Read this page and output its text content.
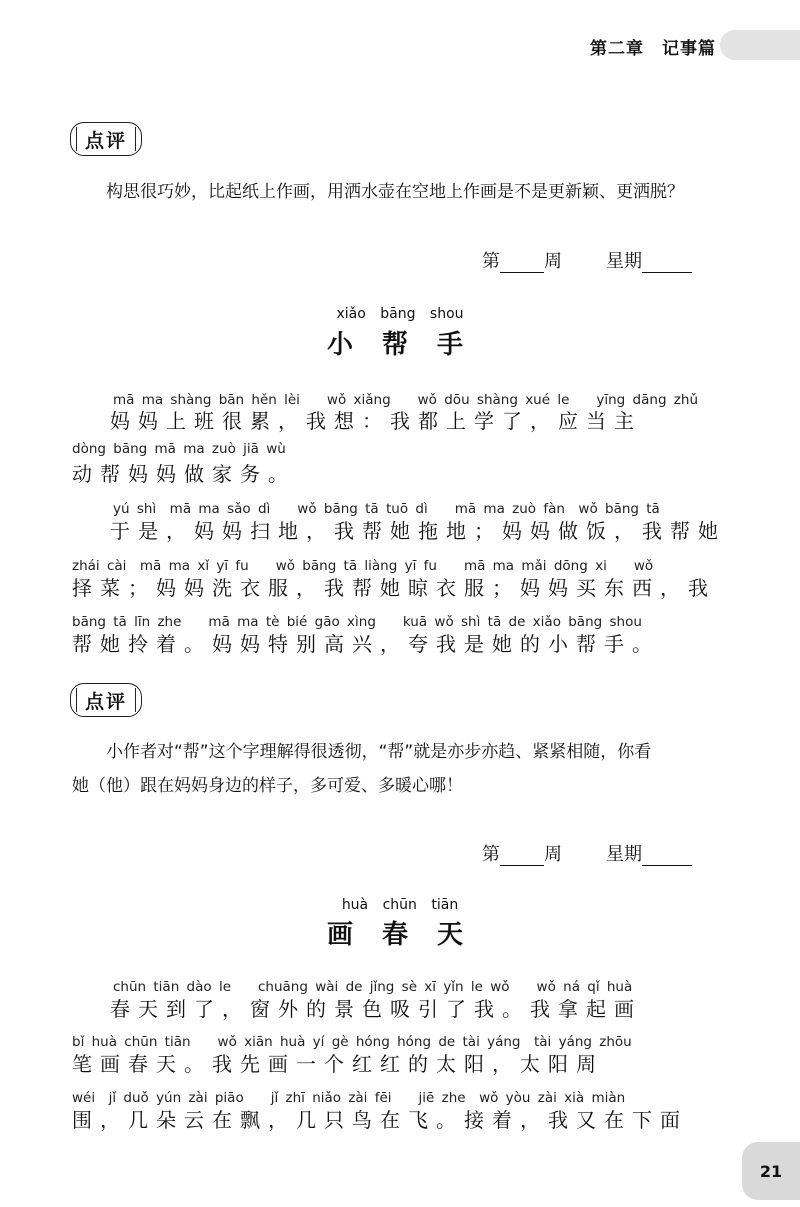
第二章　记事篇
点评
构思很巧妙，比起纸上作画，用洒水壶在空地上作画是不是更新颖、更洒脱？
第 周 星期
xiǎo bāng shou
小 帮 手
mā ma shàng bān hěn lèi　　wǒ xiǎng　　wǒ dōu shàng xué le　　yīng dāng zhǔ
妈妈上班很累，我想：我都上学了，应当主
dòng bāng mā ma zuò jiā wù
动帮妈妈做家务。
yú shì　mā ma sǎo dì　　wǒ bāng tā tuō dì　　mā ma zuò fàn　wǒ bāng tā
于是，妈妈扫地，我帮她拖地；妈妈做饭，我帮她
zhái cài　mā ma xǐ yī fu　　wǒ bāng tā liàng yī fu　　mā ma mǎi dōng xi　　wǒ
择菜；妈妈洗衣服，我帮她晾衣服；妈妈买东西，我
bāng tā līn zhe　　mā ma tè bié gāo xìng　　kuā wǒ shì tā de xiǎo bāng shou
帮她拎着。妈妈特别高兴，夸我是她的小帮手。
点评
小作者对“帮”这个字理解得很透彻，“帮”就是亦步亦趋、紧紧相随，你看
她（他）跟在妈妈身边的样子，多可爱、多暖心哪！
第 周 星期
huà chūn tiān
画 春 天
chūn tiān dào le　　chuāng wài de jǐng sè xī yǐn le wǒ　　wǒ ná qǐ huà
春天到了，窗外的景色吸引了我。我拿起画
bǐ huà chūn tiān　　wǒ xiān huà yí gè hóng hóng de tài yáng　tài yáng zhōu
笔画春天。我先画一个红红的太阳，太阳周
wéi　jǐ duǒ yún zài piāo　　jǐ zhī niǎo zài fēi　　jiē zhe　wǒ yòu zài xià miàn
围，几朵云在飘，几只鸟在飞。接着，我又在下面
21
